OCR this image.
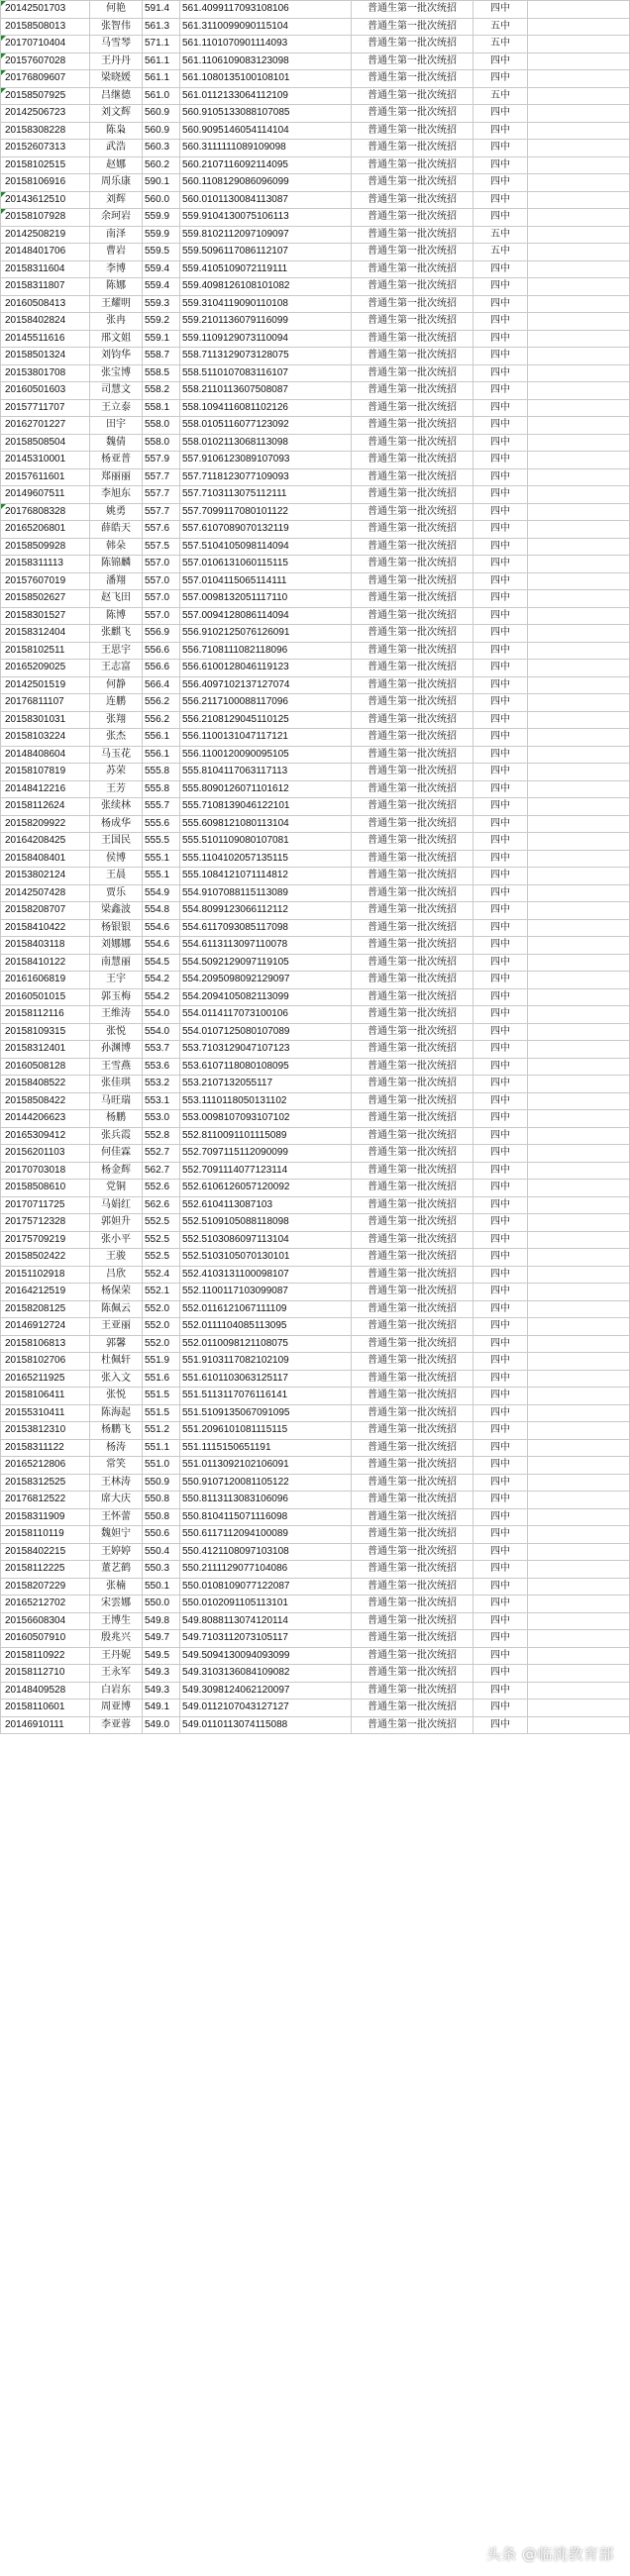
20142501703	何艳	591.4	561.4099117093108106	普通生第一批次统招	四中	
20158508013	张智伟	561.3	561.3110099090115104	普通生第一批次统招	五中	
20170710404	马雪琴	571.1	561.1101070901114093	普通生第一批次统招	五中	
20157607028	王丹丹	561.1	561.1106109083123098	普通生第一批次统招	四中	
20176809607	梁晓媛	561.1	561.1080135100108101	普通生第一批次统招	四中	
20158507925	吕继德	561.0	561.0112133064112109	普通生第一批次统招	五中	
20142506723	刘文辉	560.9	560.9105133088107085	普通生第一批次统招	四中	
20158308228	陈枭	560.9	560.9095146054114104	普通生第一批次统招	四中	
20152607313	武浩	560.3	560.3111111089109098	普通生第一批次统招	四中	
20158102515	赵娜	560.2	560.2107116092114095	普通生第一批次统招	四中	
20158106916	周乐康	590.1	560.1108129086096099	普通生第一批次统招	四中	
20143612510	刘辉	560.0	560.0101130084113087	普通生第一批次统招	四中	
20158107928	余珂岩	559.9	559.9104130075106113	普通生第一批次统招	四中	
20142508219	南泽	559.9	559.8102112097109097	普通生第一批次统招	五中	
20148401706	曹岩	559.5	559.5096117086112107	普通生第一批次统招	五中	
20158311604	李博	559.4	559.4105109072119111	普通生第一批次统招	四中	
20158311807	陈娜	559.4	559.4098126108101082	普通生第一批次统招	四中	
20160508413	王耀明	559.3	559.3104119090110108	普通生第一批次统招	四中	
20158402824	张冉	559.2	559.2101136079116099	普通生第一批次统招	四中	
20145511616	邢文姐	559.1	559.1109129073110094	普通生第一批次统招	四中	
20158501324	刘钧华	558.7	558.7113129073128075	普通生第一批次统招	四中	
20153801708	张宝博	558.5	558.5110107083116107	普通生第一批次统招	四中	
20160501603	司慧文	558.2	558.2110113607508087	普通生第一批次统招	四中	
20157711707	王立泰	558.1	558.1094116081102126	普通生第一批次统招	四中	
20162701227	田宇	558.0	558.0105116077123092	普通生第一批次统招	四中	
20158508504	魏倩	558.0	558.0102113068113098	普通生第一批次统招	四中	
20145310001	杨亚普	557.9	557.9106123089107093	普通生第一批次统招	四中	
20157611601	郑丽丽	557.7	557.7118123077109093	普通生第一批次统招	四中	
20149607511	李旭东	557.7	557.7103113075112111	普通生第一批次统招	四中	
20176808328	姚勇	557.7	557.7099117080101122	普通生第一批次统招	四中	
20165206801	薛皓天	557.6	557.6107089070132119	普通生第一批次统招	四中	
20158509928	韩朵	557.5	557.5104105098114094	普通生第一批次统招	四中	
20158311113	陈锦麟	557.0	557.0106131060115115	普通生第一批次统招	四中	
20157607019	潘翔	557.0	557.0104115065114111	普通生第一批次统招	四中	
20158502627	赵飞田	557.0	557.0098132051117110	普通生第一批次统招	四中	
20158301527	陈博	557.0	557.0094128086114094	普通生第一批次统招	四中	
20158312404	张麒飞	556.9	556.9102125076126091	普通生第一批次统招	四中	
20158102511	王思宇	556.6	556.7108111082118096	普通生第一批次统招	四中	
20165209025	王志富	556.6	556.6100128046119123	普通生第一批次统招	四中	
20142501519	何静	566.4	556.4097102137127074	普通生第一批次统招	四中	
20176811107	连鹏	556.2	556.2117100088117096	普通生第一批次统招	四中	
20158301031	张翔	556.2	556.2108129045110125	普通生第一批次统招	四中	
20158103224	张杰	556.1	556.1100131047117121	普通生第一批次统招	四中	
20148408604	马玉花	556.1	556.1100120090095105	普通生第一批次统招	四中	
20158107819	苏荣	555.8	555.8104117063117113	普通生第一批次统招	四中	
20148412216	王芳	555.8	555.8090126071101612	普通生第一批次统招	四中	
20158112624	张续林	555.7	555.7108139046122101	普通生第一批次统招	四中	
20158209922	杨成华	555.6	555.6098121080113104	普通生第一批次统招	四中	
20164208425	王国民	555.5	555.5101109080107081	普通生第一批次统招	四中	
20158408401	侯博	555.1	555.1104102057135115	普通生第一批次统招	四中	
20153802124	王晨	555.1	555.1084121071114812	普通生第一批次统招	四中	
20142507428	贾乐	554.9	554.9107088115113089	普通生第一批次统招	四中	
20158208707	梁鑫波	554.8	554.8099123066112112	普通生第一批次统招	四中	
20158410422	杨银银	554.6	554.6117093085117098	普通生第一批次统招	四中	
20158403118	刘娜娜	554.6	554.6113113097110078	普通生第一批次统招	四中	
20158410122	南慧丽	554.5	554.5092129097119105	普通生第一批次统招	四中	
20161606819	王宇	554.2	554.2095098092129097	普通生第一批次统招	四中	
20160501015	郭玉梅	554.2	554.2094105082113099	普通生第一批次统招	四中	
20158112116	王维涛	554.0	554.0114117073100106	普通生第一批次统招	四中	
20158109315	张悦	554.0	554.0107125080107089	普通生第一批次统招	四中	
20158312401	孙渊博	553.7	553.7103129047107123	普通生第一批次统招	四中	
20160508128	王雪燕	553.6	553.6107118080108095	普通生第一批次统招	四中	
20158408522	张佳琪	553.2	553.2107132055117	普通生第一批次统招	四中	
20158508422	马旺瑞	553.1	553.1110118050131102	普通生第一批次统招	四中	
20144206623	杨鹏	553.0	553.0098107093107102	普通生第一批次统招	四中	
20165309412	张兵霞	552.8	552.8110091101115089	普通生第一批次统招	四中	
20156201103	何佳霖	552.7	552.7097115112090099	普通生第一批次统招	四中	
20170703018	杨金辉	562.7	552.7091114077123114	普通生第一批次统招	四中	
20158508610	党铜	552.6	552.6106126057120092	普通生第一批次统招	四中	
20170711725	马娟红	562.6	552.6104113087103	普通生第一批次统招	四中	
20175712328	郭妲升	552.5	552.5109105088118098	普通生第一批次统招	四中	
20175709219	张小平	552.5	552.5103086097113104	普通生第一批次统招	四中	
20158502422	王骏	552.5	552.5103105070130101	普通生第一批次统招	四中	
20151102918	吕欣	552.4	552.4103131100098107	普通生第一批次统招	四中	
20164212519	杨保荣	552.1	552.1100117103099087	普通生第一批次统招	四中	
20158208125	陈佩云	552.0	552.0116121067111109	普通生第一批次统招	四中	
20146912724	王亚丽	552.0	552.0111104085113095	普通生第一批次统招	四中	
20158106813	郭馨	552.0	552.0110098121108075	普通生第一批次统招	四中	
20158102706	杜佩轩	551.9	551.9103117082102109	普通生第一批次统招	四中	
20165211925	张入文	551.6	551.6101103063125117	普通生第一批次统招	四中	
20158106411	张悦	551.5	551.5113117076116141	普通生第一批次统招	四中	
20155310411	陈海起	551.5	551.5109135067091095	普通生第一批次统招	四中	
20153812310	杨鹏飞	551.2	551.2096101081115115	普通生第一批次统招	四中	
20158311122	杨涛	551.1	551.1115150651191	普通生第一批次统招	四中	
20165212806	常笑	551.0	551.0113092102106091	普通生第一批次统招	四中	
20158312525	王林涛	550.9	550.9107120081105122	普通生第一批次统招	四中	
20176812522	席大庆	550.8	550.8113113083106096	普通生第一批次统招	四中	
20158311909	王怀蕾	550.8	550.8104115071116098	普通生第一批次统招	四中	
20158110119	魏妲宁	550.6	550.6117112094100089	普通生第一批次统招	四中	
20158402215	王婷婷	550.4	550.4121108097103108	普通生第一批次统招	四中	
20158112225	董艺鹤	550.3	550.2111129077104086	普通生第一批次统招	四中	
20158207229	张楠	550.1	550.0108109077122087	普通生第一批次统招	四中	
20165212702	宋雲娜	550.0	550.0102091105113101	普通生第一批次统招	四中	
20156608304	王博生	549.8	549.8088113074120114	普通生第一批次统招	四中	
20160507910	殷兆兴	549.7	549.7103112073105117	普通生第一批次统招	四中	
20158110922	王丹妮	549.5	549.5094130094093099	普通生第一批次统招	四中	
20158112710	王永军	549.3	549.3103136084109082	普通生第一批次统招	四中	
20148409528	白岩东	549.3	549.3098124062120097	普通生第一批次统招	四中	
20158110601	周亚博	549.1	549.0112107043127127	普通生第一批次统招	四中	
20146910111	李亚蓉	549.0	549.0110113074115088	普通生第一批次统招	四中	
头条 @临洮教育部
